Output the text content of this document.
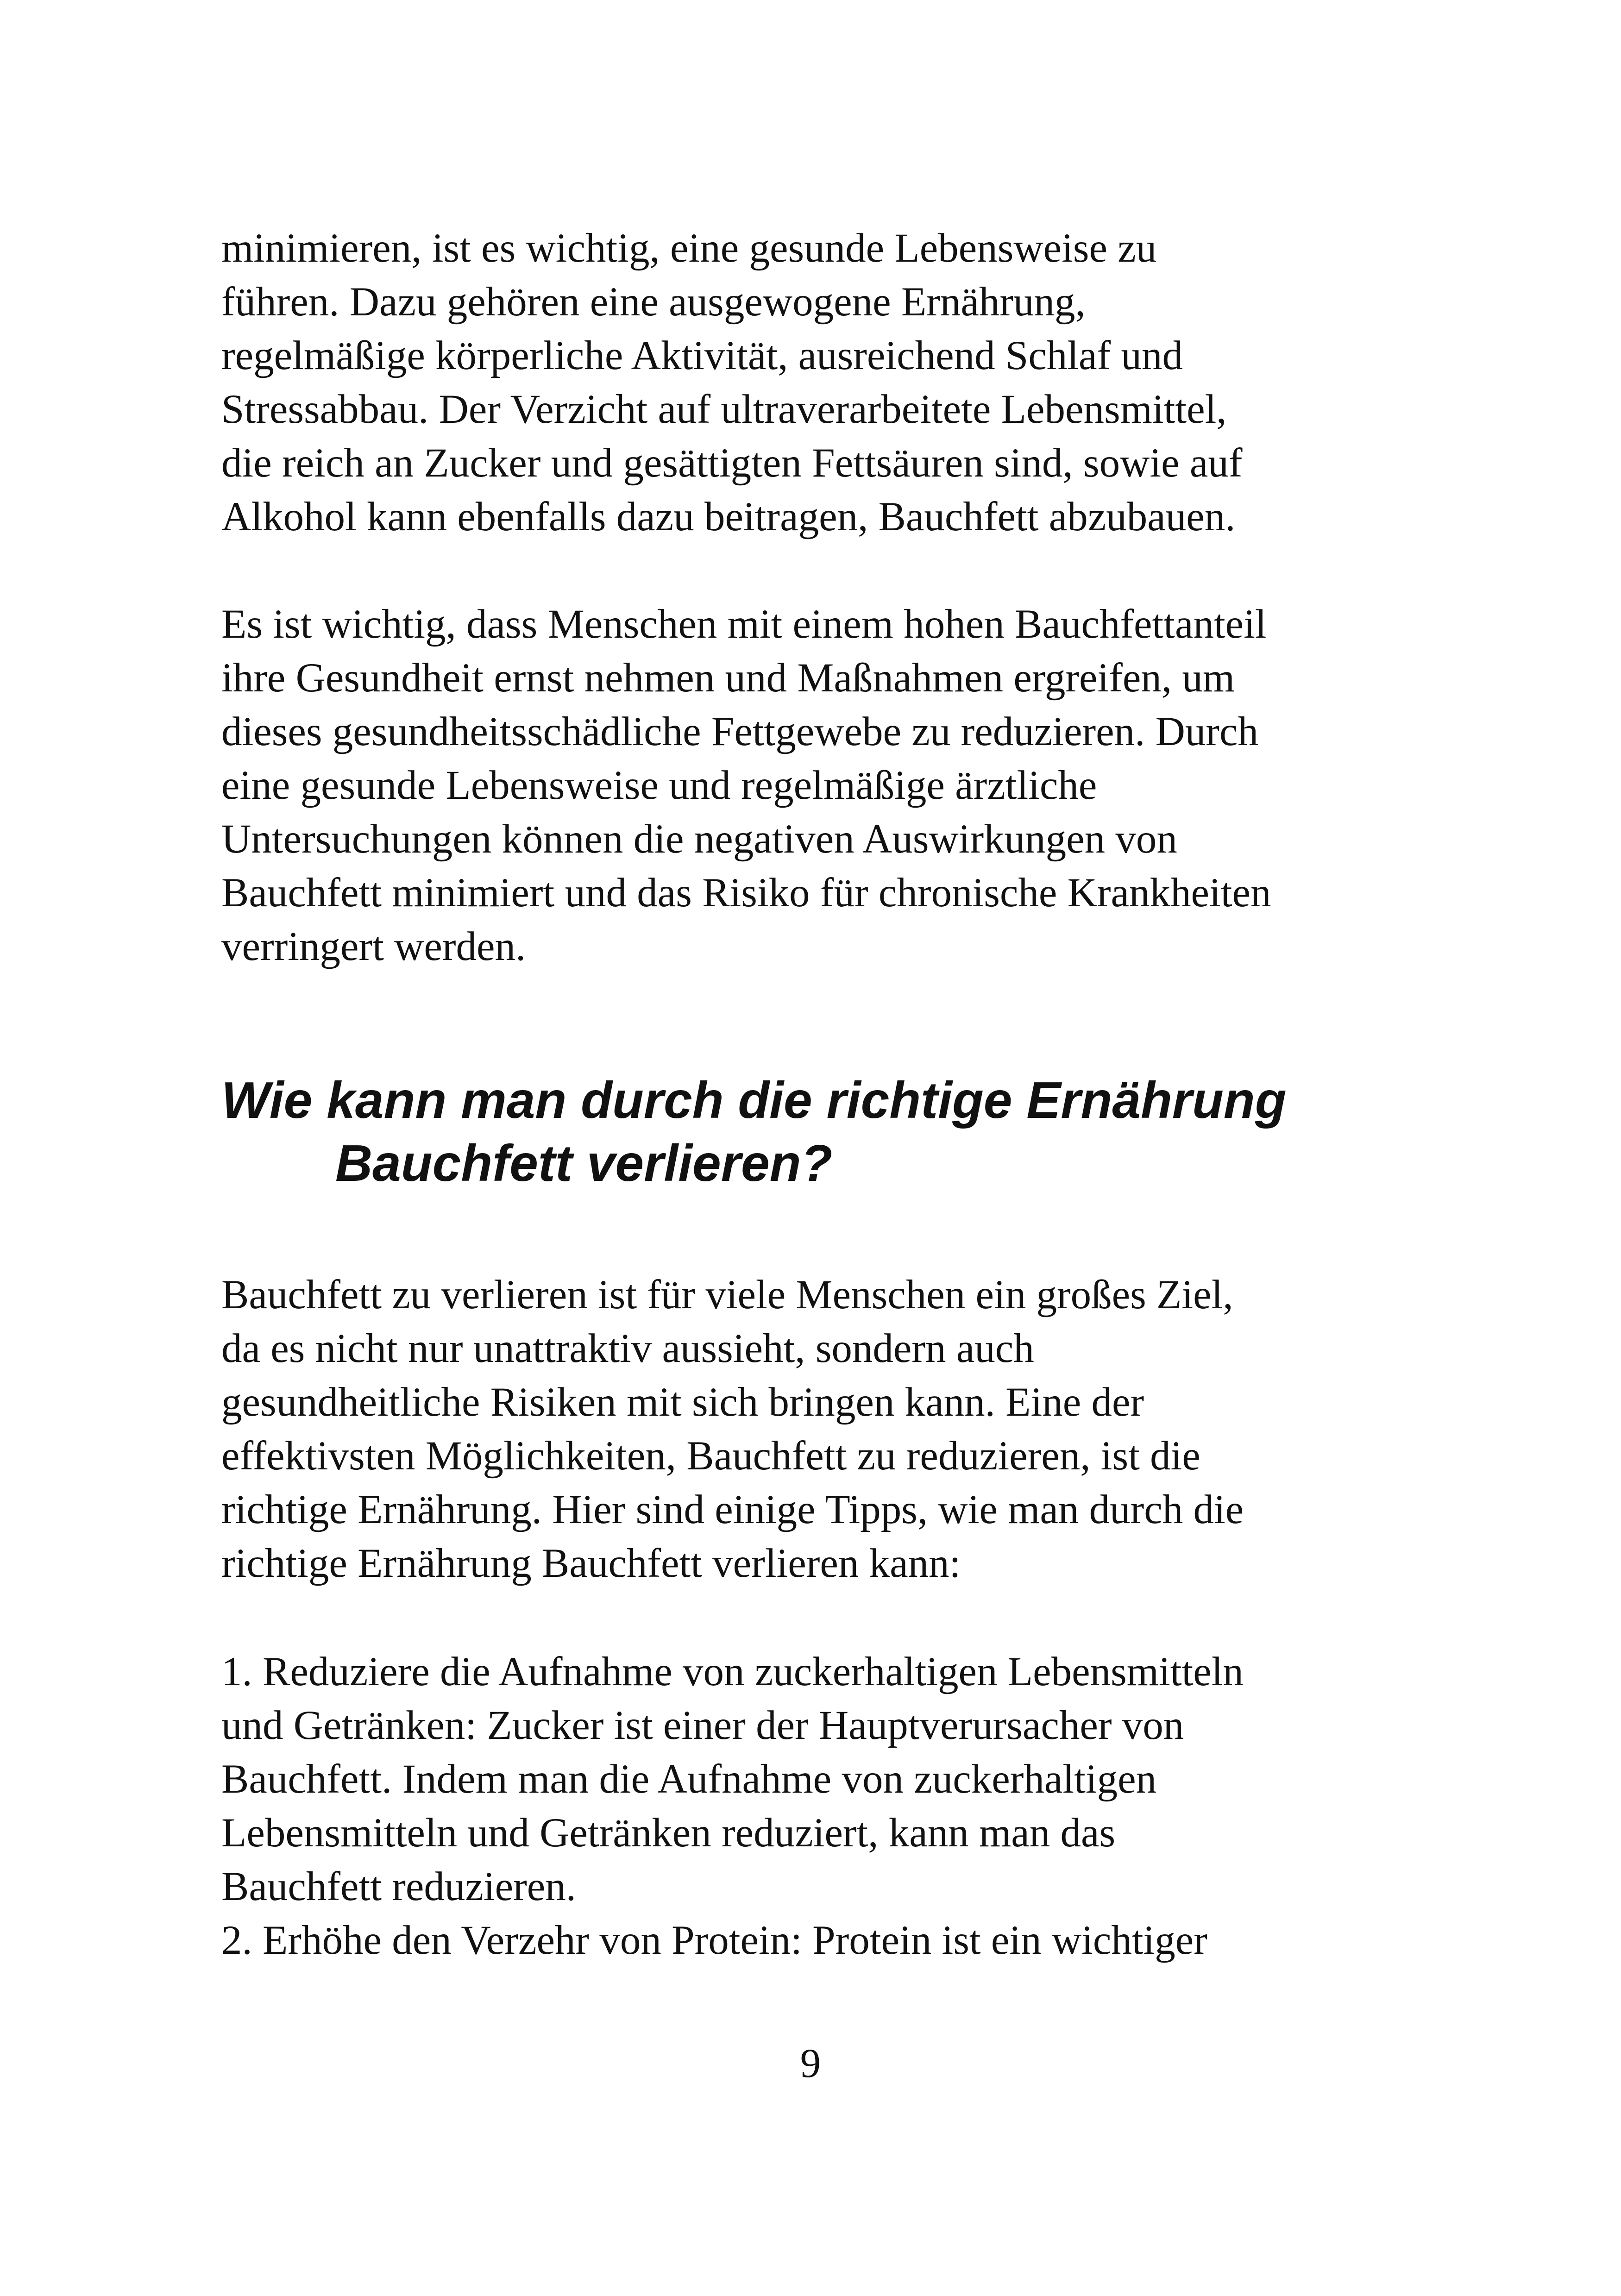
minimieren, ist es wichtig, eine gesunde Lebensweise zu
führen. Dazu gehören eine ausgewogene Ernährung,
regelmäßige körperliche Aktivität, ausreichend Schlaf und
Stressabbau. Der Verzicht auf ultraverarbeitete Lebensmittel,
die reich an Zucker und gesättigten Fettsäuren sind, sowie auf
Alkohol kann ebenfalls dazu beitragen, Bauchfett abzubauen.
Es ist wichtig, dass Menschen mit einem hohen Bauchfettanteil
ihre Gesundheit ernst nehmen und Maßnahmen ergreifen, um
dieses gesundheitsschädliche Fettgewebe zu reduzieren. Durch
eine gesunde Lebensweise und regelmäßige ärztliche
Untersuchungen können die negativen Auswirkungen von
Bauchfett minimiert und das Risiko für chronische Krankheiten
verringert werden.
Wie kann man durch die richtige Ernährung
Bauchfett verlieren?
Bauchfett zu verlieren ist für viele Menschen ein großes Ziel,
da es nicht nur unattraktiv aussieht, sondern auch
gesundheitliche Risiken mit sich bringen kann. Eine der
effektivsten Möglichkeiten, Bauchfett zu reduzieren, ist die
richtige Ernährung. Hier sind einige Tipps, wie man durch die
richtige Ernährung Bauchfett verlieren kann:
1. Reduziere die Aufnahme von zuckerhaltigen Lebensmitteln
und Getränken: Zucker ist einer der Hauptverursacher von
Bauchfett. Indem man die Aufnahme von zuckerhaltigen
Lebensmitteln und Getränken reduziert, kann man das
Bauchfett reduzieren.
2. Erhöhe den Verzehr von Protein: Protein ist ein wichtiger
9
